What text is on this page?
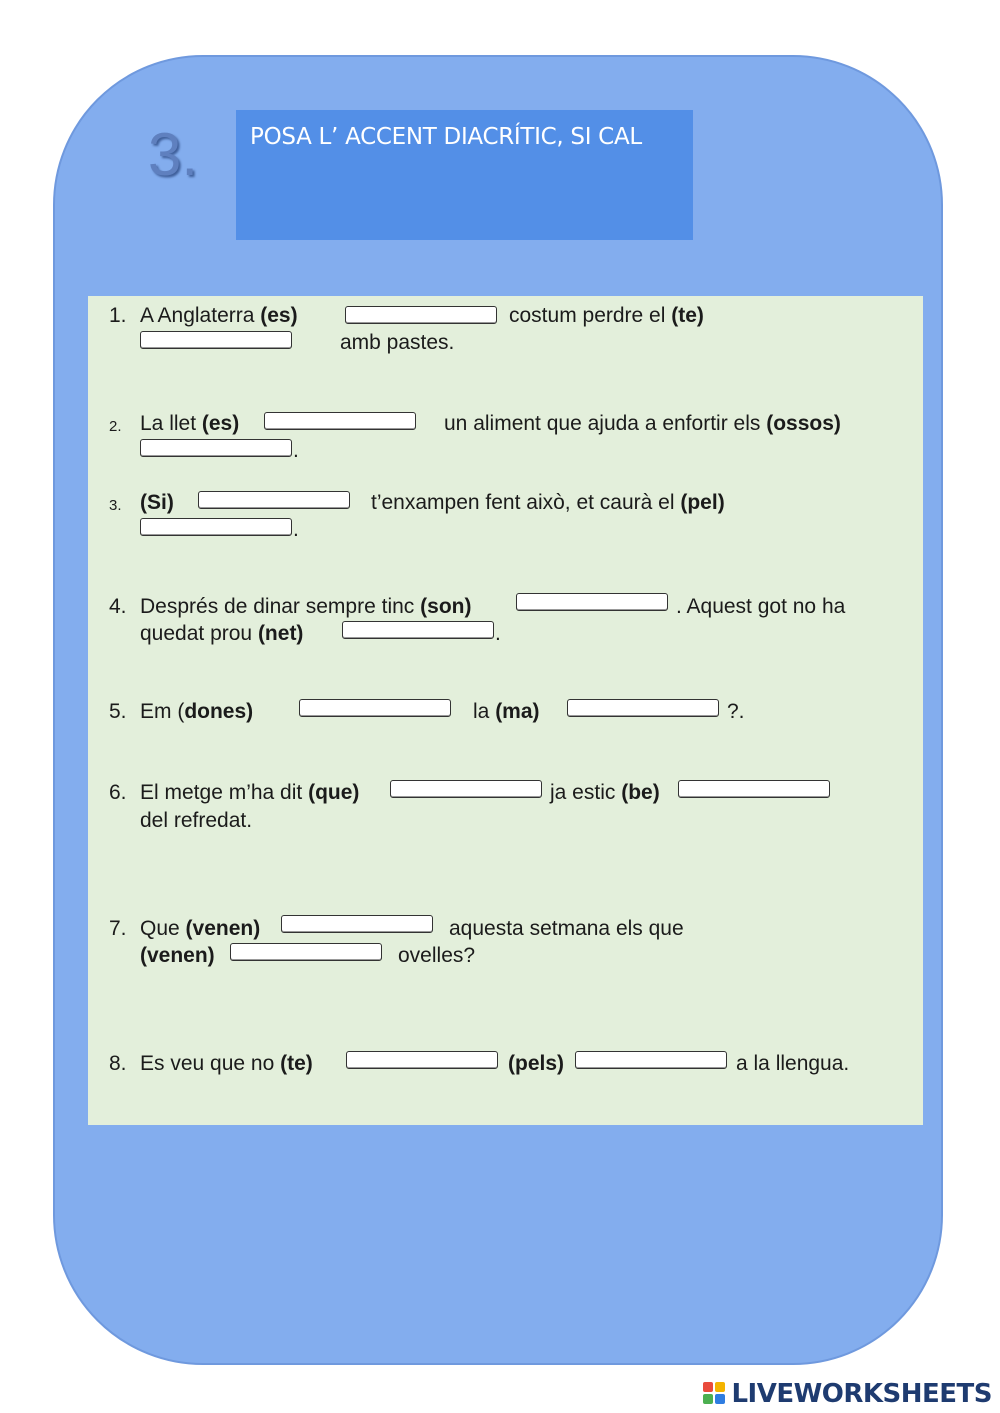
3. POSA L’ ACCENT DIACRÍTIC, SI CAL
1. A Anglaterra (es)	costum perdre el (te)
amb pastes.
2. La llet (es)	un aliment que ajuda a enfortir els (ossos)
.
3. (Si)	t’enxampen fent això, et caurà el (pel)
.
4. Després de dinar sempre tinc (son)	. Aquest got no ha
quedat prou (net)	.
5. Em (dones)	la (ma)	?.
6. El metge m’ha dit (que)	ja estic (be)
del refredat.
7. Que (venen)	aquesta setmana els que
(venen)	ovelles?
8. Es veu que no (te)	(pels)	a la llengua.
LIVEWORKSHEETS
